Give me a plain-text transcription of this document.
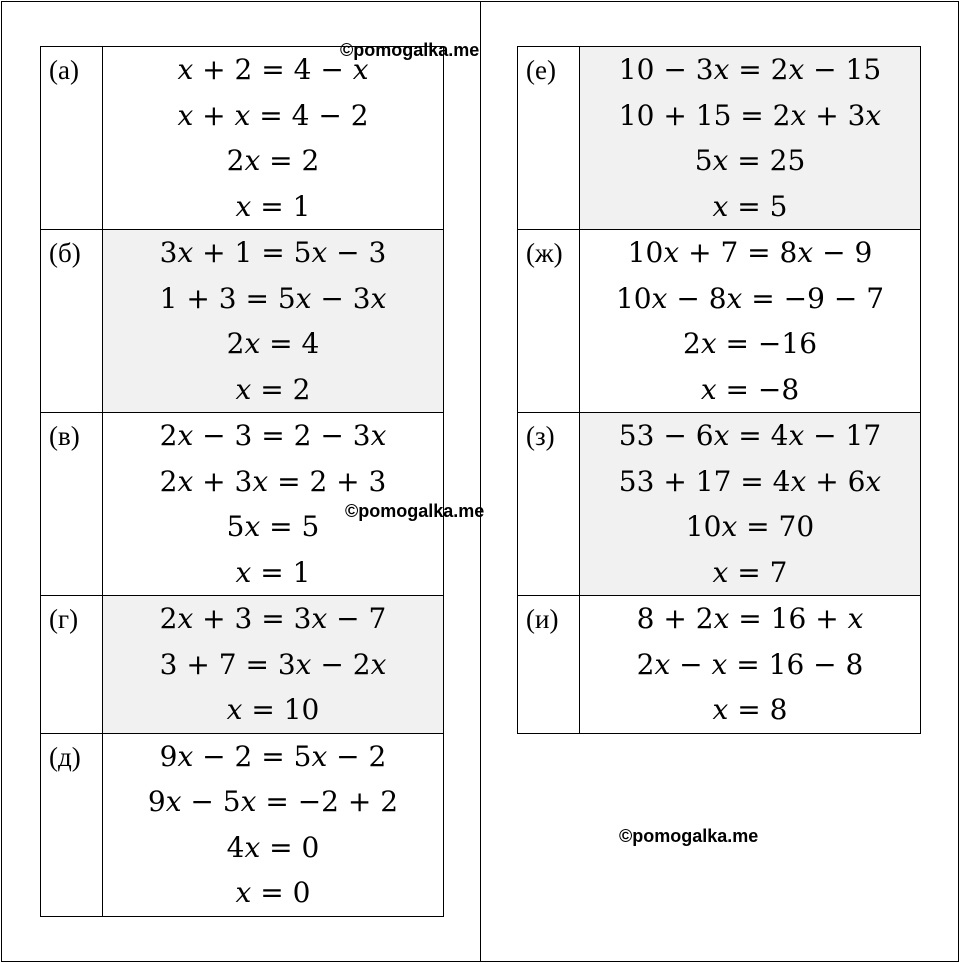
(а)	x + 2 = 4 − x
x + x = 4 − 2
2x = 2
x = 1

(б)	3x + 1 = 5x − 3
1 + 3 = 5x − 3x
2x = 4
x = 2

(в)	2x − 3 = 2 − 3x
2x + 3x = 2 + 3
5x = 5
x = 1

(г)	2x + 3 = 3x − 7
3 + 7 = 3x − 2x
x = 10

(д)	9x − 2 = 5x − 2
9x − 5x = −2 + 2
4x = 0
x = 0
(е)	10 − 3x = 2x − 15
10 + 15 = 2x + 3x
5x = 25
x = 5

(ж)	10x + 7 = 8x − 9
10x − 8x = −9 − 7
2x = −16
x = −8

(з)	53 − 6x = 4x − 17
53 + 17 = 4x + 6x
10x = 70
x = 7

(и)	8 + 2x = 16 + x
2x − x = 16 − 8
x = 8
©pomogalka.me
©pomogalka.me
©pomogalka.me
